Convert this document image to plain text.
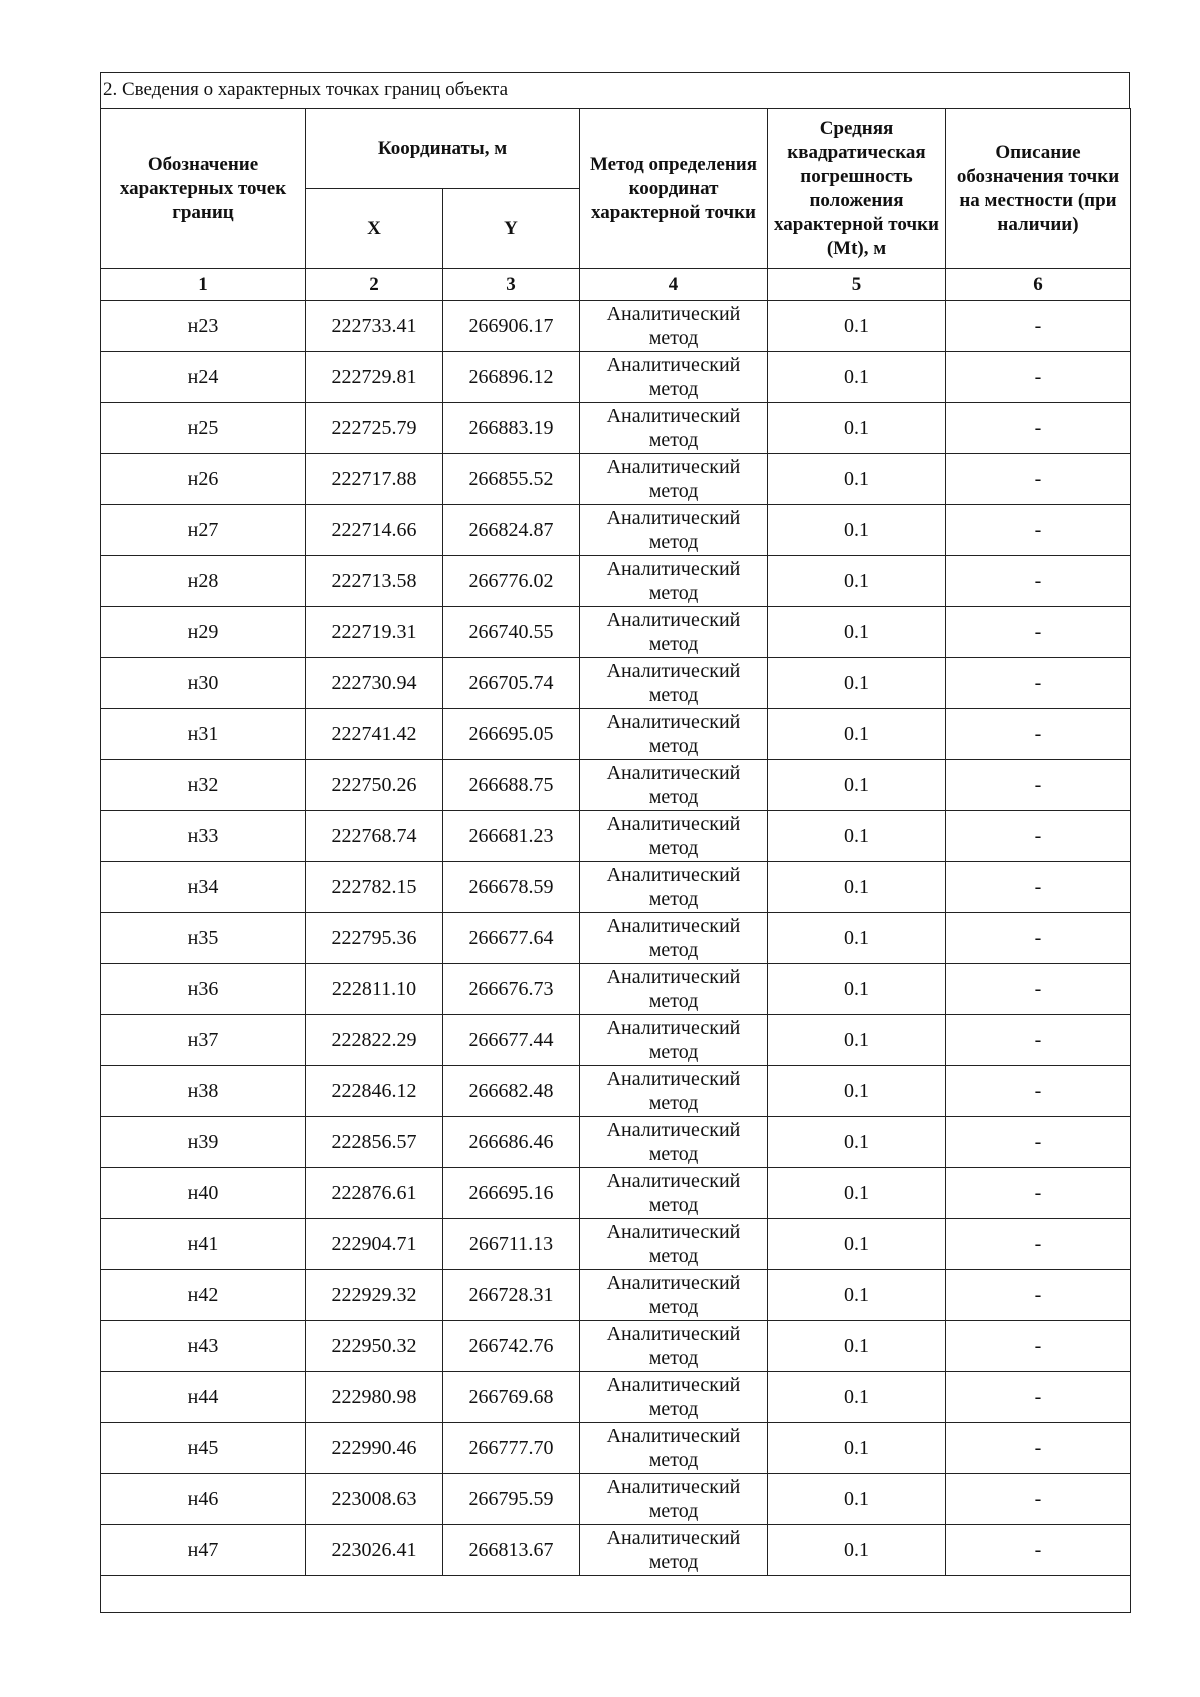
2. Сведения о характерных точках границ объекта
Обозначение характерных точек границ	Координаты, м		Метод определения координат характерной точки	Средняя квадратическая погрешность положения характерной точки (Mt), м	Описание обозначения точки на местности (при наличии)
	X	Y			
1	2	3	4	5	6
н23	222733.41	266906.17	Аналитический метод	0.1	-
н24	222729.81	266896.12	Аналитический метод	0.1	-
н25	222725.79	266883.19	Аналитический метод	0.1	-
н26	222717.88	266855.52	Аналитический метод	0.1	-
н27	222714.66	266824.87	Аналитический метод	0.1	-
н28	222713.58	266776.02	Аналитический метод	0.1	-
н29	222719.31	266740.55	Аналитический метод	0.1	-
н30	222730.94	266705.74	Аналитический метод	0.1	-
н31	222741.42	266695.05	Аналитический метод	0.1	-
н32	222750.26	266688.75	Аналитический метод	0.1	-
н33	222768.74	266681.23	Аналитический метод	0.1	-
н34	222782.15	266678.59	Аналитический метод	0.1	-
н35	222795.36	266677.64	Аналитический метод	0.1	-
н36	222811.10	266676.73	Аналитический метод	0.1	-
н37	222822.29	266677.44	Аналитический метод	0.1	-
н38	222846.12	266682.48	Аналитический метод	0.1	-
н39	222856.57	266686.46	Аналитический метод	0.1	-
н40	222876.61	266695.16	Аналитический метод	0.1	-
н41	222904.71	266711.13	Аналитический метод	0.1	-
н42	222929.32	266728.31	Аналитический метод	0.1	-
н43	222950.32	266742.76	Аналитический метод	0.1	-
н44	222980.98	266769.68	Аналитический метод	0.1	-
н45	222990.46	266777.70	Аналитический метод	0.1	-
н46	223008.63	266795.59	Аналитический метод	0.1	-
н47	223026.41	266813.67	Аналитический метод	0.1	-
